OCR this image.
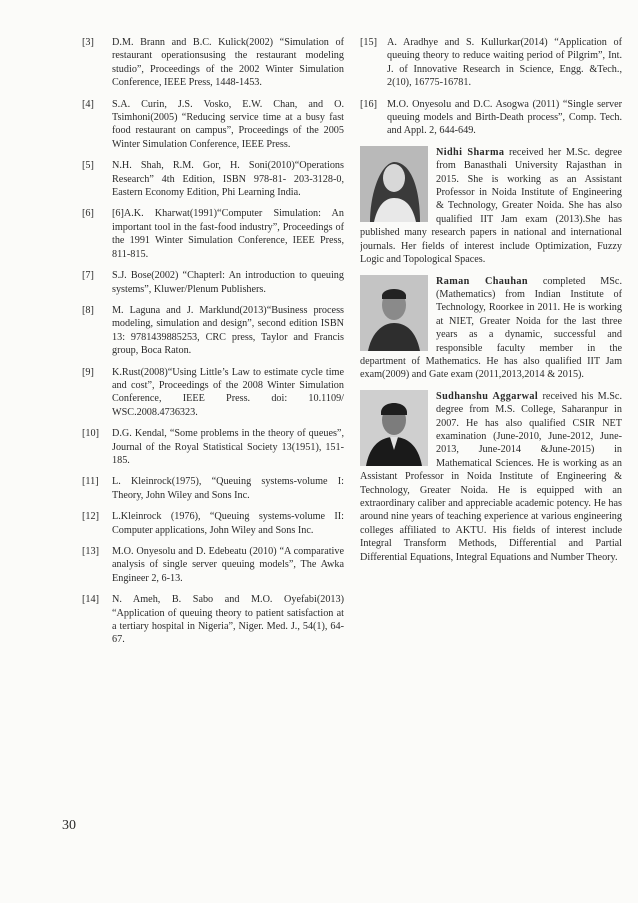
[3]	D.M. Brann and B.C. Kulick(2002) “Simulation of restaurant operationsusing the restaurant modeling studio”, Proceedings of the 2002 Winter Simulation Conference, IEEE Press, 1448-1453.
[4]	S.A. Curin, J.S. Vosko, E.W. Chan, and O. Tsimhoni(2005) “Reducing service time at a busy fast food restaurant on campus”, Proceedings of the 2005 Winter Simulation Conference, IEEE Press.
[5]	N.H. Shah, R.M. Gor, H. Soni(2010)“Operations Research” 4th Edition, ISBN 978-81- 203-3128-0, Eastern Economy Edition, Phi Learning India.
[6]	[6]A.K. Kharwat(1991)“Computer Simulation: An important tool in the fast-food industry”, Proceedings of the 1991 Winter Simulation Conference, IEEE Press, 811-815.
[7]	S.J. Bose(2002) “Chapterl: An introduction to queuing systems”, Kluwer/Plenum Publishers.
[8]	M. Laguna and J. Marklund(2013)“Business process modeling, simulation and design”, second edition ISBN 13: 9781439885253, CRC press, Taylor and Francis group, Boca Raton.
[9]	K.Rust(2008)“Using Little’s Law to estimate cycle time and cost”, Proceedings of the 2008 Winter Simulation Conference, IEEE Press. doi: 10.1109/ WSC.2008.4736323.
[10]	D.G. Kendal, “Some problems in the theory of queues”, Journal of the Royal Statistical Society 13(1951), 151-185.
[11]	L. Kleinrock(1975), “Queuing systems-volume I: Theory, John Wiley and Sons Inc.
[12]	L.Kleinrock (1976), “Queuing systems-volume II: Computer applications, John Wiley and Sons Inc.
[13]	M.O. Onyesolu and D. Edebeatu (2010) “A comparative analysis of single server queuing models”, The Awka Engineer 2, 6-13.
[14]	N. Ameh, B. Sabo and M.O. Oyefabi(2013) “Application of queuing theory to patient satisfaction at a tertiary hospital in Nigeria”, Niger. Med. J., 54(1), 64-67.
[15] A. Aradhye and S. Kullurkar(2014) “Application of queuing theory to reduce waiting period of Pilgrim”, Int. J. of Innovative Research in Science, Engg. &Tech., 2(10), 16775-16781.
[16] M.O. Onyesolu and D.C. Asogwa (2011) “Single server queuing models and Birth-Death process”, Comp. Tech. and Appl. 2, 644-649.
Nidhi Sharma received her M.Sc. degree from Banasthali University Rajasthan in 2015. She is working as an Assistant Professor in Noida Institute of Engineering & Technology, Greater Noida. She has also qualified IIT Jam exam (2013).She has published many research papers in national and international journals. Her fields of interest include Optimization, Fuzzy Logic and Topological Spaces.
Raman Chauhan completed MSc. (Mathematics) from Indian Institute of Technology, Roorkee in 2011. He is working at NIET, Greater Noida for the last three years as a dynamic, successful and responsible faculty member in the department of Mathematics. He has also qualified IIT Jam exam(2009) and Gate exam (2011,2013,2014 & 2015).
Sudhanshu Aggarwal received his M.Sc. degree from M.S. College, Saharanpur in 2007. He has also qualified CSIR NET examination (June-2010, June-2012, June-2013, June-2014 &June-2015) in Mathematical Sciences. He is working as an Assistant Professor in Noida Institute of Engineering & Technology, Greater Noida. He is equipped with an extraordinary caliber and appreciable academic potency. He has around nine years of teaching experience at various engineering colleges affiliated to AKTU. His fields of interest include Integral Transform Methods, Differential and Partial Differential Equations, Integral Equations and Number Theory.
30
